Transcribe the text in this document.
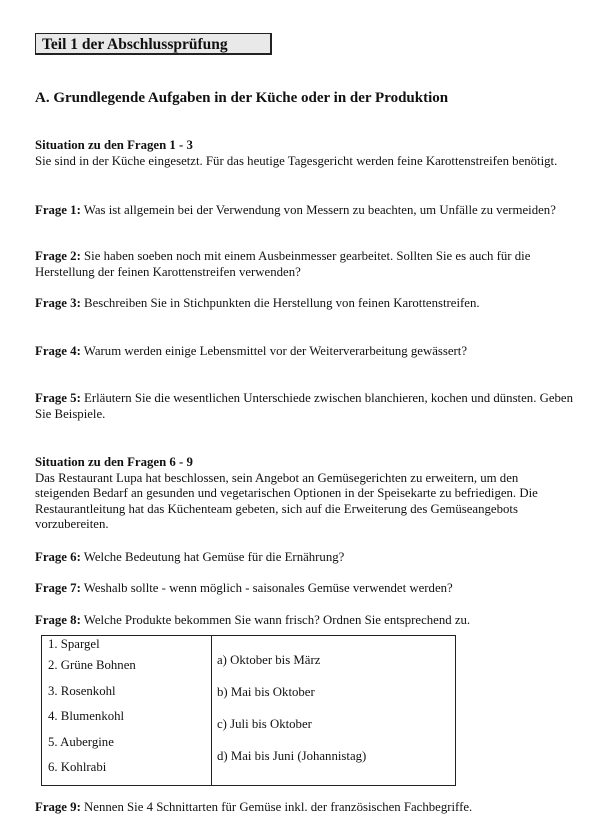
Teil 1 der Abschlussprüfung
A. Grundlegende Aufgaben in der Küche oder in der Produktion
Situation zu den Fragen 1 - 3
Sie sind in der Küche eingesetzt. Für das heutige Tagesgericht werden feine Karottenstreifen benötigt.
Frage 1: Was ist allgemein bei der Verwendung von Messern zu beachten, um Unfälle zu vermeiden?
Frage 2: Sie haben soeben noch mit einem Ausbeinmesser gearbeitet. Sollten Sie es auch für die Herstellung der feinen Karottenstreifen verwenden?
Frage 3: Beschreiben Sie in Stichpunkten die Herstellung von feinen Karottenstreifen.
Frage 4: Warum werden einige Lebensmittel vor der Weiterverarbeitung gewässert?
Frage 5: Erläutern Sie die wesentlichen Unterschiede zwischen blanchieren, kochen und dünsten. Geben Sie Beispiele.
Situation zu den Fragen 6 - 9
Das Restaurant Lupa hat beschlossen, sein Angebot an Gemüsegerichten zu erweitern, um den steigenden Bedarf an gesunden und vegetarischen Optionen in der Speisekarte zu befriedigen. Die Restaurantleitung hat das Küchenteam gebeten, sich auf die Erweiterung des Gemüseangebots vorzubereiten.
Frage 6: Welche Bedeutung hat Gemüse für die Ernährung?
Frage 7: Weshalb sollte - wenn möglich - saisonales Gemüse verwendet werden?
Frage 8: Welche Produkte bekommen Sie wann frisch? Ordnen Sie entsprechend zu.
1. Spargel
2. Grüne Bohnen
3. Rosenkohl
4. Blumenkohl
5. Aubergine
6. Kohlrabi

a) Oktober bis März
b) Mai bis Oktober
c) Juli bis Oktober
d) Mai bis Juni (Johannistag)
Frage 9: Nennen Sie 4 Schnittarten für Gemüse inkl. der französischen Fachbegriffe.
